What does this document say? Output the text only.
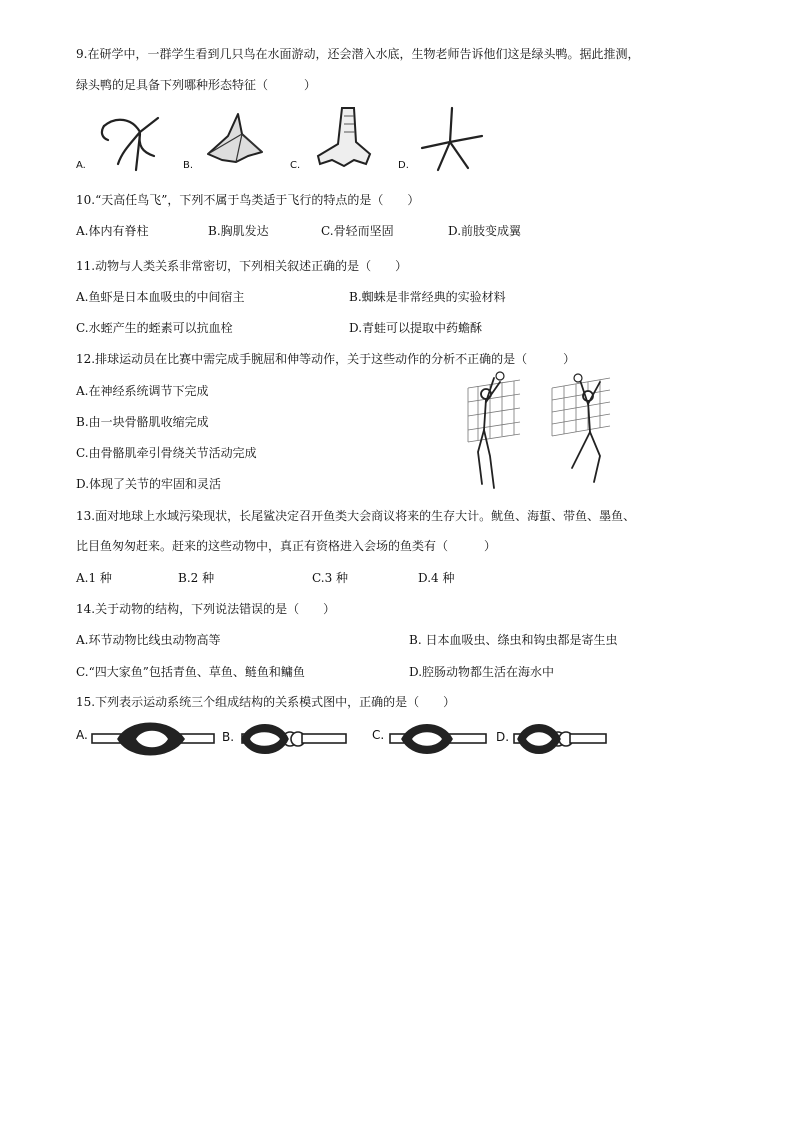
9.在研学中，一群学生看到几只鸟在水面游动，还会潜入水底，生物老师告诉他们这是绿头鸭。据此推测，
绿头鸭的足具备下列哪种形态特征（　　　）
A.	B.	C.	D.
10.“天高任鸟飞”，下列不属于鸟类适于飞行的特点的是（　　）
A.体内有脊柱	B.胸肌发达	C.骨轻而坚固	D.前肢变成翼
11.动物与人类关系非常密切，下列相关叙述正确的是（　　）
A.鱼虾是日本血吸虫的中间宿主	B.蜘蛛是非常经典的实验材料
C.水蛭产生的蛭素可以抗血栓	D.青蛙可以提取中药蟾酥
12.排球运动员在比赛中需完成手腕屈和伸等动作，关于这些动作的分析不正确的是（　　　）
A.在神经系统调节下完成
B.由一块骨骼肌收缩完成
C.由骨骼肌牵引骨绕关节活动完成
D.体现了关节的牢固和灵活
13.面对地球上水域污染现状，长尾鲨决定召开鱼类大会商议将来的生存大计。鱿鱼、海蜇、带鱼、墨鱼、
比目鱼匆匆赶来。赶来的这些动物中，真正有资格进入会场的鱼类有（　　　）
A.1 种	B.2 种	C.3 种	D.4 种
14.关于动物的结构，下列说法错误的是（　　）
A.环节动物比线虫动物高等	B. 日本血吸虫、绦虫和钩虫都是寄生虫
C.“四大家鱼”包括青鱼、草鱼、鲢鱼和鳙鱼	D.腔肠动物都生活在海水中
15.下列表示运动系统三个组成结构的关系模式图中，正确的是（　　）
A.	B.	C.	D.
